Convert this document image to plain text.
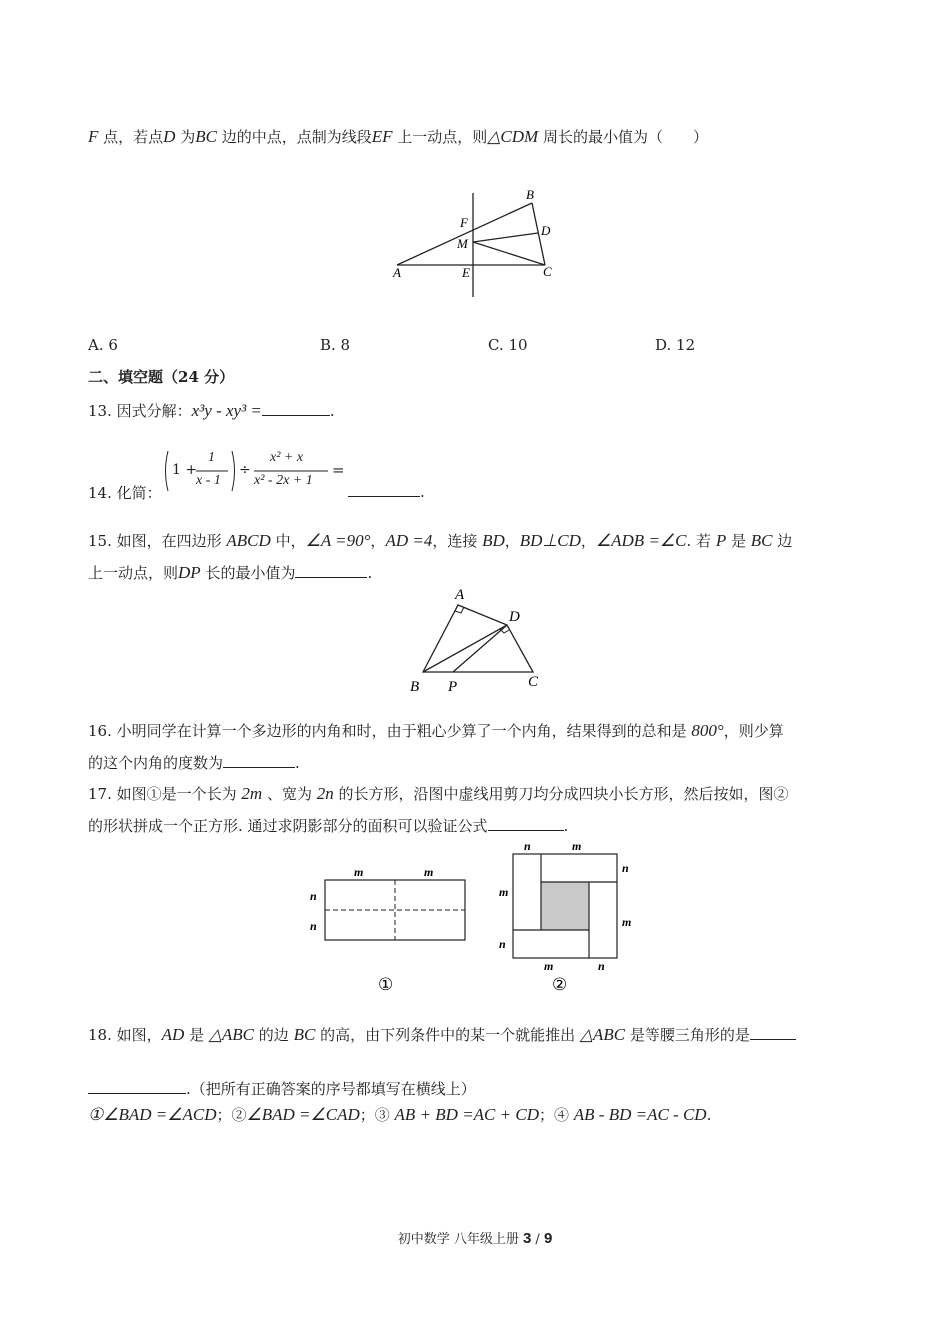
F 点，若点D 为BC 边的中点，点制为线段EF 上一动点，则△CDM 周长的最小值为（　　）
A	E
F
M
B
D
C
A. 6	B. 8	C. 10	D. 12
二、填空题（24 分）
13. 因式分解：x³y - xy³ =	.
14. 化简：
1 +
1
x - 1
÷
x² + x
x² - 2x + 1
=
.
15. 如图，在四边形 ABCD 中，∠A =90°，AD =4，连接 BD，BD⊥CD，∠ADB =∠C. 若 P 是 BC 边
上一动点，则DP 长的最小值为	.
A
D
B P	C
16. 小明同学在计算一个多边形的内角和时，由于粗心少算了一个内角，结果得到的总和是 800°，则少算
的这个内角的度数为	.
17. 如图①是一个长为 2m 、宽为 2n 的长方形，沿图中虚线用剪刀均分成四块小长方形，然后按如，图②
的形状拼成一个正方形. 通过求阴影部分的面积可以验证公式	.
m	m
n
n
①
n	m
m
n
n
m
m	n
②
18. 如图，AD 是 △ABC 的边 BC 的高，由下列条件中的某一个就能推出 △ABC 是等腰三角形的是
.（把所有正确答案的序号都填写在横线上）
①∠BAD =∠ACD；②∠BAD =∠CAD；③ AB + BD =AC + CD；④ AB - BD =AC - CD.
初中数学 八年级上册 3 / 9
